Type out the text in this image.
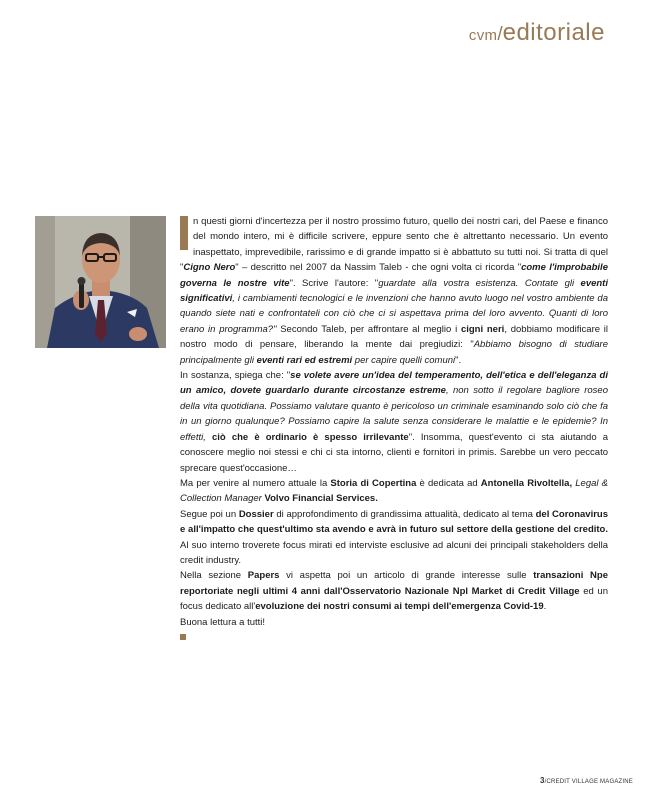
cvm/editoriale

n questi giorni d'incertezza per il nostro prossimo futuro, quello dei nostri cari, del Paese e financo del mondo intero, mi è difficile scrivere, eppure sento che è altrettanto necessario. Un evento inaspettato, imprevedibile, rarissimo e di grande impatto si è abbattuto su tutti noi. Si tratta di quel "Cigno Nero" – descritto nel 2007 da Nassim Taleb - che ogni volta ci ricorda "come l'improbabile governa le nostre vite". Scrive l'autore: "guardate alla vostra esistenza. Contate gli eventi significativi, i cambiamenti tecnologici e le invenzioni che hanno avuto luogo nel vostro ambiente da quando siete nati e confrontateli con ciò che ci si aspettava prima del loro avvento. Quanti di loro erano in programma?" Secondo Taleb, per affrontare al meglio i cigni neri, dobbiamo modificare il nostro modo di pensare, liberando la mente dai pregiudizi: "Abbiamo bisogno di studiare principalmente gli eventi rari ed estremi per capire quelli comuni".

In sostanza, spiega che: "se volete avere un'idea del temperamento, dell'etica e dell'eleganza di un amico, dovete guardarlo durante circostanze estreme, non sotto il regolare bagliore roseo della vita quotidiana. Possiamo valutare quanto è pericoloso un criminale esaminando solo ciò che fa in un giorno qualunque? Possiamo capire la salute senza considerare le malattie e le epidemie? In effetti, ciò che è ordinario è spesso irrilevante". Insomma, quest'evento ci sta aiutando a conoscere meglio noi stessi e chi ci sta intorno, clienti e fornitori in primis. Sarebbe un vero peccato sprecare quest'occasione…

Ma per venire al numero attuale la Storia di Copertina è dedicata ad Antonella Rivoltella, Legal & Collection Manager Volvo Financial Services.

Segue poi un Dossier di approfondimento di grandissima attualità, dedicato al tema del Coronavirus e all'impatto che quest'ultimo sta avendo e avrà in futuro sul settore della gestione del credito. Al suo interno troverete focus mirati ed interviste esclusive ad alcuni dei principali stakeholders della credit industry.

Nella sezione Papers vi aspetta poi un articolo di grande interesse sulle transazioni Npe reportoriate negli ultimi 4 anni dall'Osservatorio Nazionale Npl Market di Credit Village ed un focus dedicato all'evoluzione dei nostri consumi ai tempi dell'emergenza Covid-19.

Buona lettura a tutti!

3/CREDIT VILLAGE MAGAZINE
